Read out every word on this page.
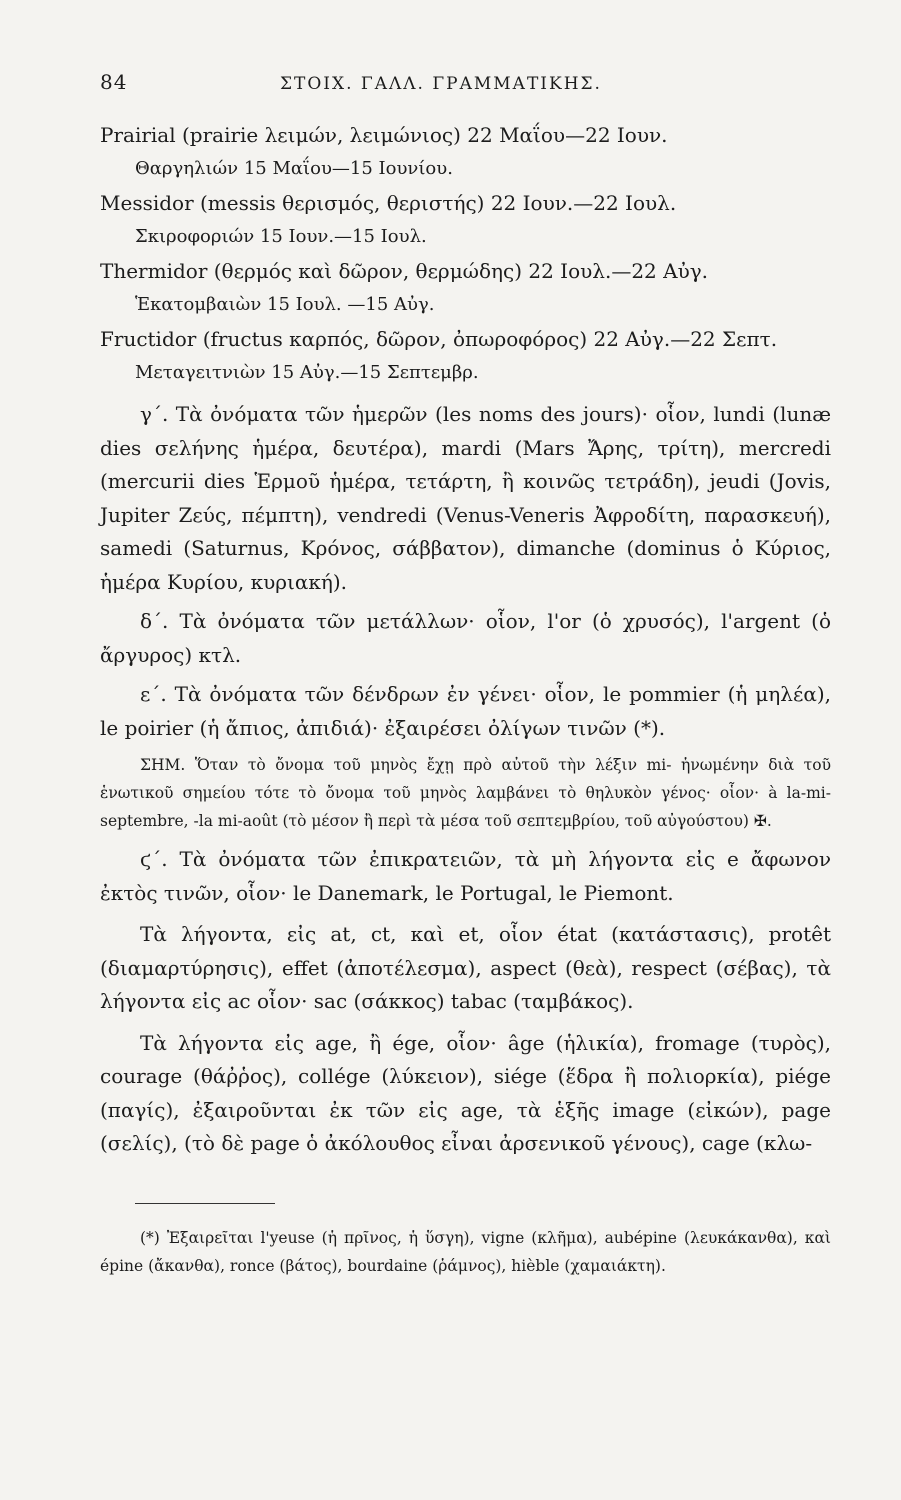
84	ΣΤΟΙΧ. ΓΑΛΛ. ΓΡΑΜΜΑΤΙΚΗΣ.
Prairial (prairie λειμών, λειμώνιος) 22 Μαΐου—22 Ιουν.
Θαργηλιών 15 Μαΐου—15 Ιουνίου.
Messidor (messis θερισμός, θεριστής) 22 Ιουν.—22 Ιουλ.
Σκιροφοριών 15 Ιουν.—15 Ιουλ.
Thermidor (θερμός καὶ δῶρον, θερμώδης) 22 Ιουλ.—22 Αὐγ.
Ἑκατομβαιὼν 15 Ιουλ. —15 Αὐγ.
Fructidor (fructus καρπός, δῶρον, ὀπωροφόρος) 22 Αὐγ.—22 Σεπτ.
Μεταγειτνιὼν 15 Αὐγ.—15 Σεπτεμβρ.

γ΄. Τὰ ὀνόματα τῶν ἡμερῶν (les noms des jours)· οἷον, lundi (lunæ dies σελήνης ἡμέρα, δευτέρα), mardi (Mars Ἄρης, τρίτη), mercredi (mercurii dies Ἑρμοῦ ἡμέρα, τετάρτη, ἢ κοινῶς τετράδη), jeudi (Jovis, Jupiter Ζεύς, πέμπτη), vendredi (Venus-Veneris Ἀφροδίτη, παρασκευή), samedi (Saturnus, Κρόνος, σάββατον), dimanche (dominus ὁ Κύριος, ἡμέρα Κυρίου, κυριακή).

δ΄. Τὰ ὀνόματα τῶν μετάλλων· οἷον, l'or (ὁ χρυσός), l'argent (ὁ ἄργυρος) κτλ.

ε΄. Τὰ ὀνόματα τῶν δένδρων ἐν γένει· οἷον, le pommier (ἡ μηλέα), le poirier (ἡ ἄπιος, ἀπιδιά)· ἐξαιρέσει ὀλίγων τινῶν (*).

ΣΗΜ. Ὅταν τὸ ὄνομα τοῦ μηνὸς ἔχῃ πρὸ αὐτοῦ τὴν λέξιν mi- ἡνωμένην διὰ τοῦ ἑνωτικοῦ σημείου τότε τὸ ὄνομα τοῦ μηνὸς λαμβάνει τὸ θηλυκὸν γένος· οἷον· à la-mi-septembre, -la mi-août (τὸ μέσον ἢ περὶ τὰ μέσα τοῦ σεπτεμβρίου, τοῦ αὐγούστου) ✠.

ϛ΄. Τὰ ὀνόματα τῶν ἐπικρατειῶν, τὰ μὴ λήγοντα εἰς e ἄφωνον ἐκτὸς τινῶν, οἷον· le Danemark, le Portugal, le Piemont.

Τὰ λήγοντα, εἰς at, ct, καὶ et, οἷον état (κατάστασις), protêt (διαμαρτύρησις), effet (ἀποτέλεσμα), aspect (θεὰ), respect (σέβας), τὰ λήγοντα εἰς ac οἷον· sac (σάκκος) tabac (ταμβάκος).

Τὰ λήγοντα εἰς age, ἢ ége, οἷον· âge (ἡλικία), fromage (τυρὸς), courage (θάῤῥος), collége (λύκειον), siége (ἕδρα ἢ πολιορκία), piége (παγίς), ἐξαιροῦνται ἐκ τῶν εἰς age, τὰ ἑξῆς image (εἰκών), page (σελίς), (τὸ δὲ page ὁ ἀκόλουθος εἶναι ἀρσενικοῦ γένους), cage (κλω-

(*) Ἐξαιρεῖται l'yeuse (ἡ πρῖνος, ἡ ὕσγη), vigne (κλῆμα), aubépine (λευκάκανθα), καὶ épine (ἄκανθα), ronce (βάτος), bourdaine (ῥάμνος), hièble (χαμαιάκτη).
